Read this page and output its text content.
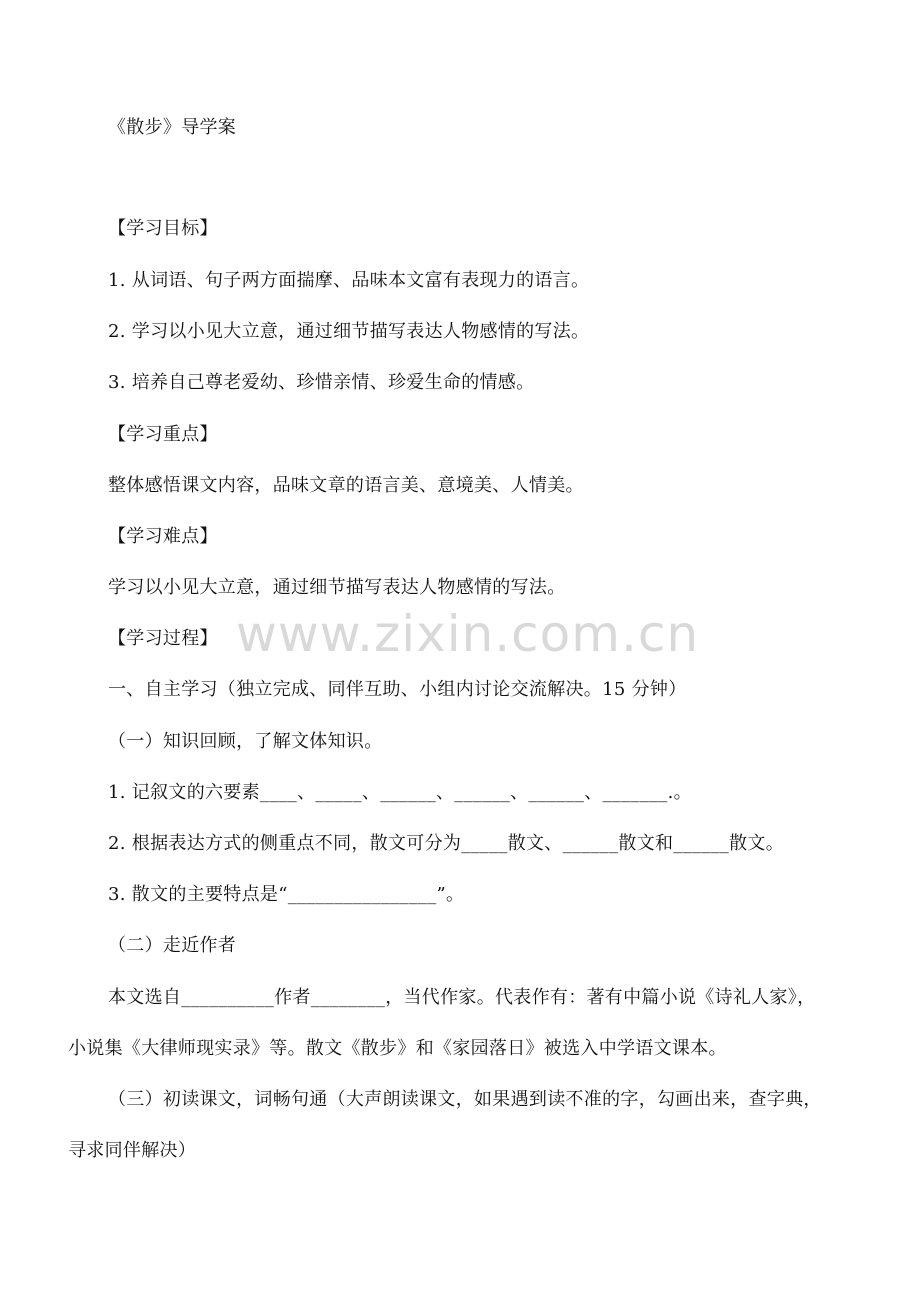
《散步》导学案
【学习目标】
1. 从词语、句子两方面揣摩、品味本文富有表现力的语言。
2. 学习以小见大立意，通过细节描写表达人物感情的写法。
3. 培养自己尊老爱幼、珍惜亲情、珍爱生命的情感。
【学习重点】
整体感悟课文内容，品味文章的语言美、意境美、人情美。
【学习难点】
学习以小见大立意，通过细节描写表达人物感情的写法。
www.zixin.com.cn
【学习过程】
一、自主学习（独立完成、同伴互助、小组内讨论交流解决。15 分钟）
（一）知识回顾，了解文体知识。
1. 记叙文的六要素____、_____、______、______、______、_______.。
2. 根据表达方式的侧重点不同，散文可分为_____散文、______散文和______散文。
3. 散文的主要特点是“________________”。
（二）走近作者
本文选自__________作者________，当代作家。代表作有：著有中篇小说《诗礼人家》，
小说集《大律师现实录》等。散文《散步》和《家园落日》被选入中学语文课本。
（三）初读课文，词畅句通（大声朗读课文，如果遇到读不准的字，勾画出来，查字典，
寻求同伴解决）
